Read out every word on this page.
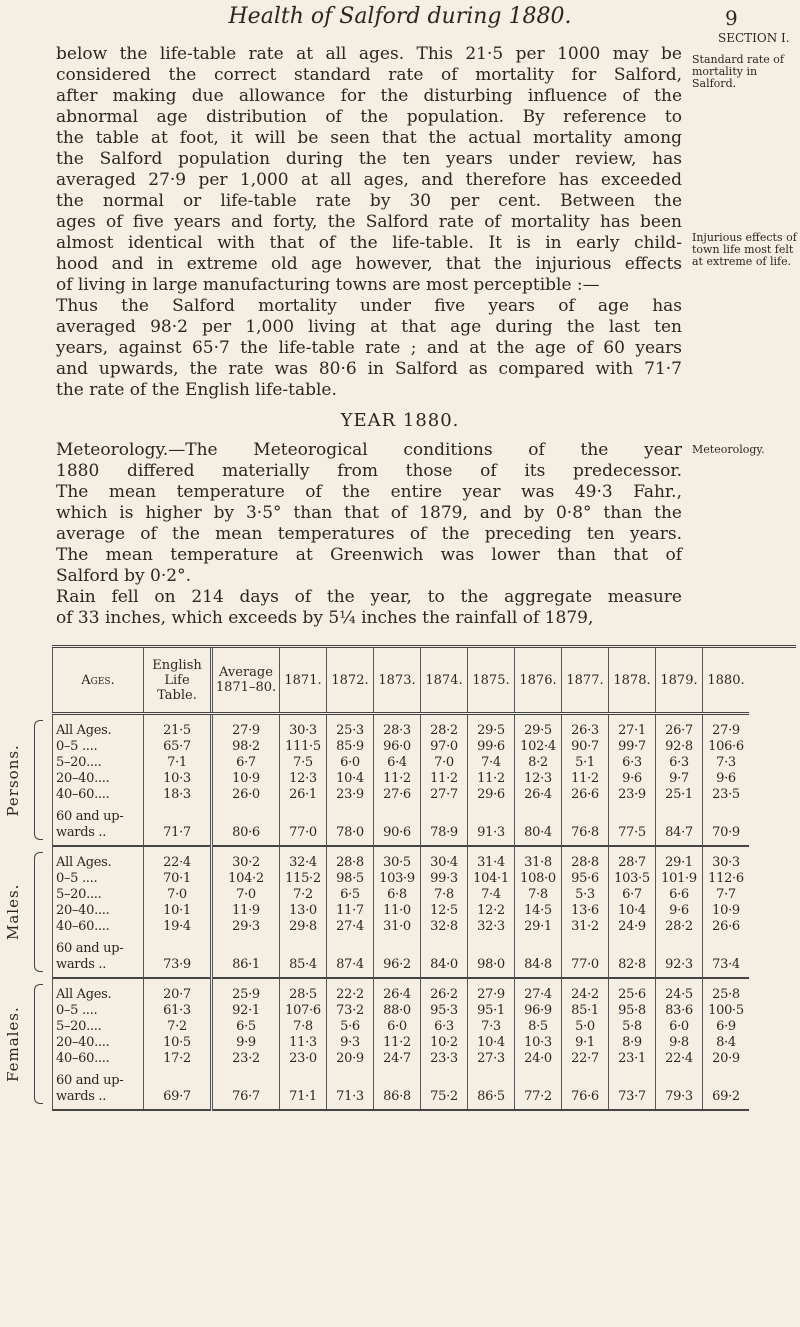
Health of Salford during 1880.	9
SECTION I.
below the life-table rate at all ages. This 21·5 per 1000 may be
considered the correct standard rate of mortality for Salford,
after making due allowance for the disturbing influence of the
abnormal age distribution of the population. By reference to
the table at foot, it will be seen that the actual mortality among
the Salford population during the ten years under review, has
averaged 27·9 per 1,000 at all ages, and therefore has exceeded
the normal or life-table rate by 30 per cent. Between the
ages of five years and forty, the Salford rate of mortality has been
almost identical with that of the life-table. It is in early child-
hood and in extreme old age however, that the injurious effects
of living in large manufacturing towns are most perceptible :—
Thus the Salford mortality under five years of age has
averaged 98·2 per 1,000 living at that age during the last ten
years, against 65·7 the life-table rate ; and at the age of 60 years
and upwards, the rate was 80·6 in Salford as compared with 71·7
the rate of the English life-table.
Standard rate of mortality in Salford.
Injurious effects of town life most felt at extreme of life.
YEAR 1880.
Meteorology.—The Meteorogical conditions of the year
1880 differed materially from those of its predecessor.
The mean temperature of the entire year was 49·3 Fahr.,
which is higher by 3·5° than that of 1879, and by 0·8° than the
average of the mean temperatures of the preceding ten years.
The mean temperature at Greenwich was lower than that of
Salford by 0·2°.
Rain fell on 214 days of the year, to the aggregate measure
of 33 inches, which exceeds by 5¼ inches the rainfall of 1879,
Meteorology.
Ages.	English Life Table.	Average 1871–80.	1871.	1872.	1873.	1874.	1875.	1876.	1877.	1878.	1879.	1880.
All Ages.	21·5	27·9	30·3	25·3	28·3	28·2	29·5	29·5	26·3	27·1	26·7	27·9
0–5 ....	65·7	98·2	111·5	85·9	96·0	97·0	99·6	102·4	90·7	99·7	92·8	106·6
5–20....	7·1	6·7	7·5	6·0	6·4	7·0	7·4	8·2	5·1	6·3	6·3	7·3
20–40....	10·3	10·9	12·3	10·4	11·2	11·2	11·2	12·3	11·2	9·6	9·7	9·6
40–60....	18·3	26·0	26·1	23·9	27·6	27·7	29·6	26·4	26·6	23·9	25·1	23·5
60 and up-wards ..	71·7	80·6	77·0	78·0	90·6	78·9	91·3	80·4	76·8	77·5	84·7	70·9
All Ages.	22·4	30·2	32·4	28·8	30·5	30·4	31·4	31·8	28·8	28·7	29·1	30·3
0–5 ....	70·1	104·2	115·2	98·5	103·9	99·3	104·1	108·0	95·6	103·5	101·9	112·6
5–20....	7·0	7·0	7·2	6·5	6·8	7·8	7·4	7·8	5·3	6·7	6·6	7·7
20–40....	10·1	11·9	13·0	11·7	11·0	12·5	12·2	14·5	13·6	10·4	9·6	10·9
40–60....	19·4	29·3	29·8	27·4	31·0	32·8	32·3	29·1	31·2	24·9	28·2	26·6
60 and up-wards ..	73·9	86·1	85·4	87·4	96·2	84·0	98·0	84·8	77·0	82·8	92·3	73·4
All Ages.	20·7	25·9	28·5	22·2	26·4	26·2	27·9	27·4	24·2	25·6	24·5	25·8
0–5 ....	61·3	92·1	107·6	73·2	88·0	95·3	95·1	96·9	85·1	95·8	83·6	100·5
5–20....	7·2	6·5	7·8	5·6	6·0	6·3	7·3	8·5	5·0	5·8	6·0	6·9
20–40....	10·5	9·9	11·3	9·3	11·2	10·2	10·4	10·3	9·1	8·9	9·8	8·4
40–60....	17·2	23·2	23·0	20·9	24·7	23·3	27·3	24·0	22·7	23·1	22·4	20·9
60 and up-wards ..	69·7	76·7	71·1	71·3	86·8	75·2	86·5	77·2	76·6	73·7	79·3	69·2
Persons.
Males.
Females.
